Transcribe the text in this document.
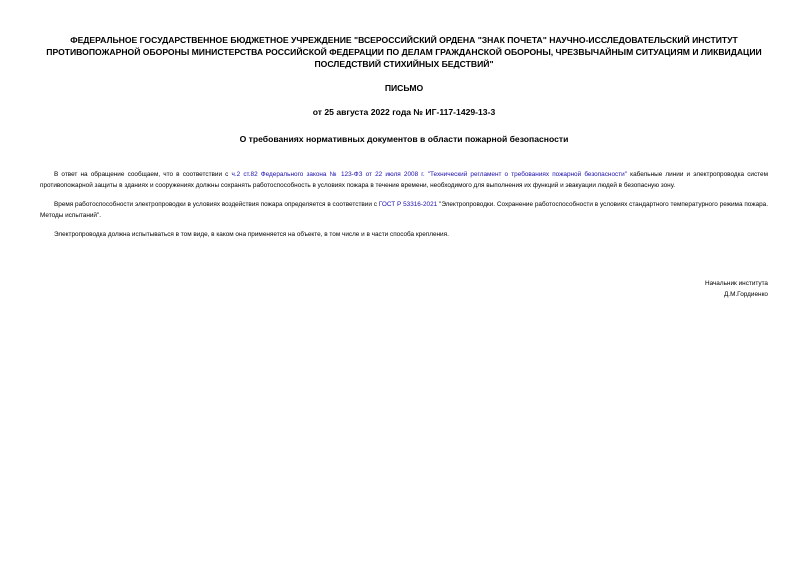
ФЕДЕРАЛЬНОЕ ГОСУДАРСТВЕННОЕ БЮДЖЕТНОЕ УЧРЕЖДЕНИЕ "ВСЕРОССИЙСКИЙ ОРДЕНА "ЗНАК ПОЧЕТА" НАУЧНО-ИССЛЕДОВАТЕЛЬСКИЙ ИНСТИТУТ ПРОТИВОПОЖАРНОЙ ОБОРОНЫ МИНИСТЕРСТВА РОССИЙСКОЙ ФЕДЕРАЦИИ ПО ДЕЛАМ ГРАЖДАНСКОЙ ОБОРОНЫ, ЧРЕЗВЫЧАЙНЫМ СИТУАЦИЯМ И ЛИКВИДАЦИИ ПОСЛЕДСТВИЙ СТИХИЙНЫХ БЕДСТВИЙ"
ПИСЬМО
от 25 августа 2022 года № ИГ-117-1429-13-3
О требованиях нормативных документов в области пожарной безопасности

В ответ на обращение сообщаем, что в соответствии с ч.2 ст.82 Федерального закона № 123-ФЗ от 22 июля 2008 г. "Технический регламент о требованиях пожарной безопасности" кабельные линии и электропроводка систем противопожарной защиты в зданиях и сооружениях должны сохранять работоспособность в условиях пожара в течение времени, необходимого для выполнения их функций и эвакуации людей в безопасную зону.

Время работоспособности электропроводки в условиях воздействия пожара определяется в соответствии с ГОСТ Р 53316-2021 "Электропроводки. Сохранение работоспособности в условиях стандартного температурного режима пожара. Методы испытаний".

Электропроводка должна испытываться в том виде, в каком она применяется на объекте, в том числе и в части способа крепления.

Начальник института
Д.М.Гордиенко
